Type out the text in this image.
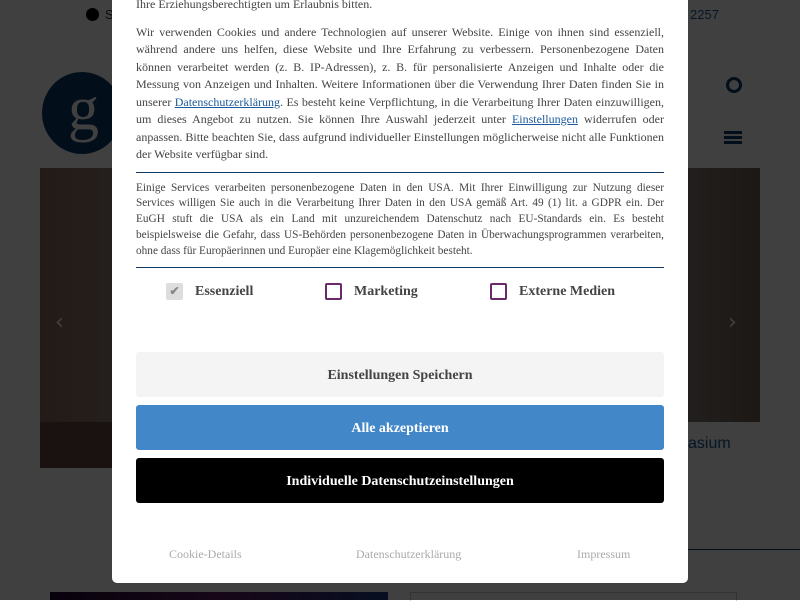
Ihre Erziehungsberechtigten um Erlaubnis bitten.

Wir verwenden Cookies und andere Technologien auf unserer Website. Einige von ihnen sind essenziell, während andere uns helfen, diese Website und Ihre Erfahrung zu verbessern. Personenbezogene Daten können verarbeitet werden (z. B. IP-Adressen), z. B. für personalisierte Anzeigen und Inhalte oder die Messung von Anzeigen und Inhalten. Weitere Informationen über die Verwendung Ihrer Daten finden Sie in unserer Datenschutzerklärung. Es besteht keine Verpflichtung, in die Verarbeitung Ihrer Daten einzuwilligen, um dieses Angebot zu nutzen. Sie können Ihre Auswahl jederzeit unter Einstellungen widerrufen oder anpassen. Bitte beachten Sie, dass aufgrund individueller Einstellungen möglicherweise nicht alle Funktionen der Website verfügbar sind.

Einige Services verarbeiten personenbezogene Daten in den USA. Mit Ihrer Einwilligung zur Nutzung dieser Services willigen Sie auch in die Verarbeitung Ihrer Daten in den USA gemäß Art. 49 (1) lit. a GDPR ein. Der EuGH stuft die USA als ein Land mit unzureichendem Datenschutz nach EU-Standards ein. Es besteht beispielsweise die Gefahr, dass US-Behörden personenbezogene Daten in Überwachungsprogrammen verarbeiten, ohne dass für Europäerinnen und Europäer eine Klagemöglichkeit besteht.

✔ Essenziell	Marketing	Externe Medien
Einstellungen Speichern
Alle akzeptieren
Individuelle Datenschutzeinstellungen
Cookie-Details	Datenschutzerklärung	Impressum
